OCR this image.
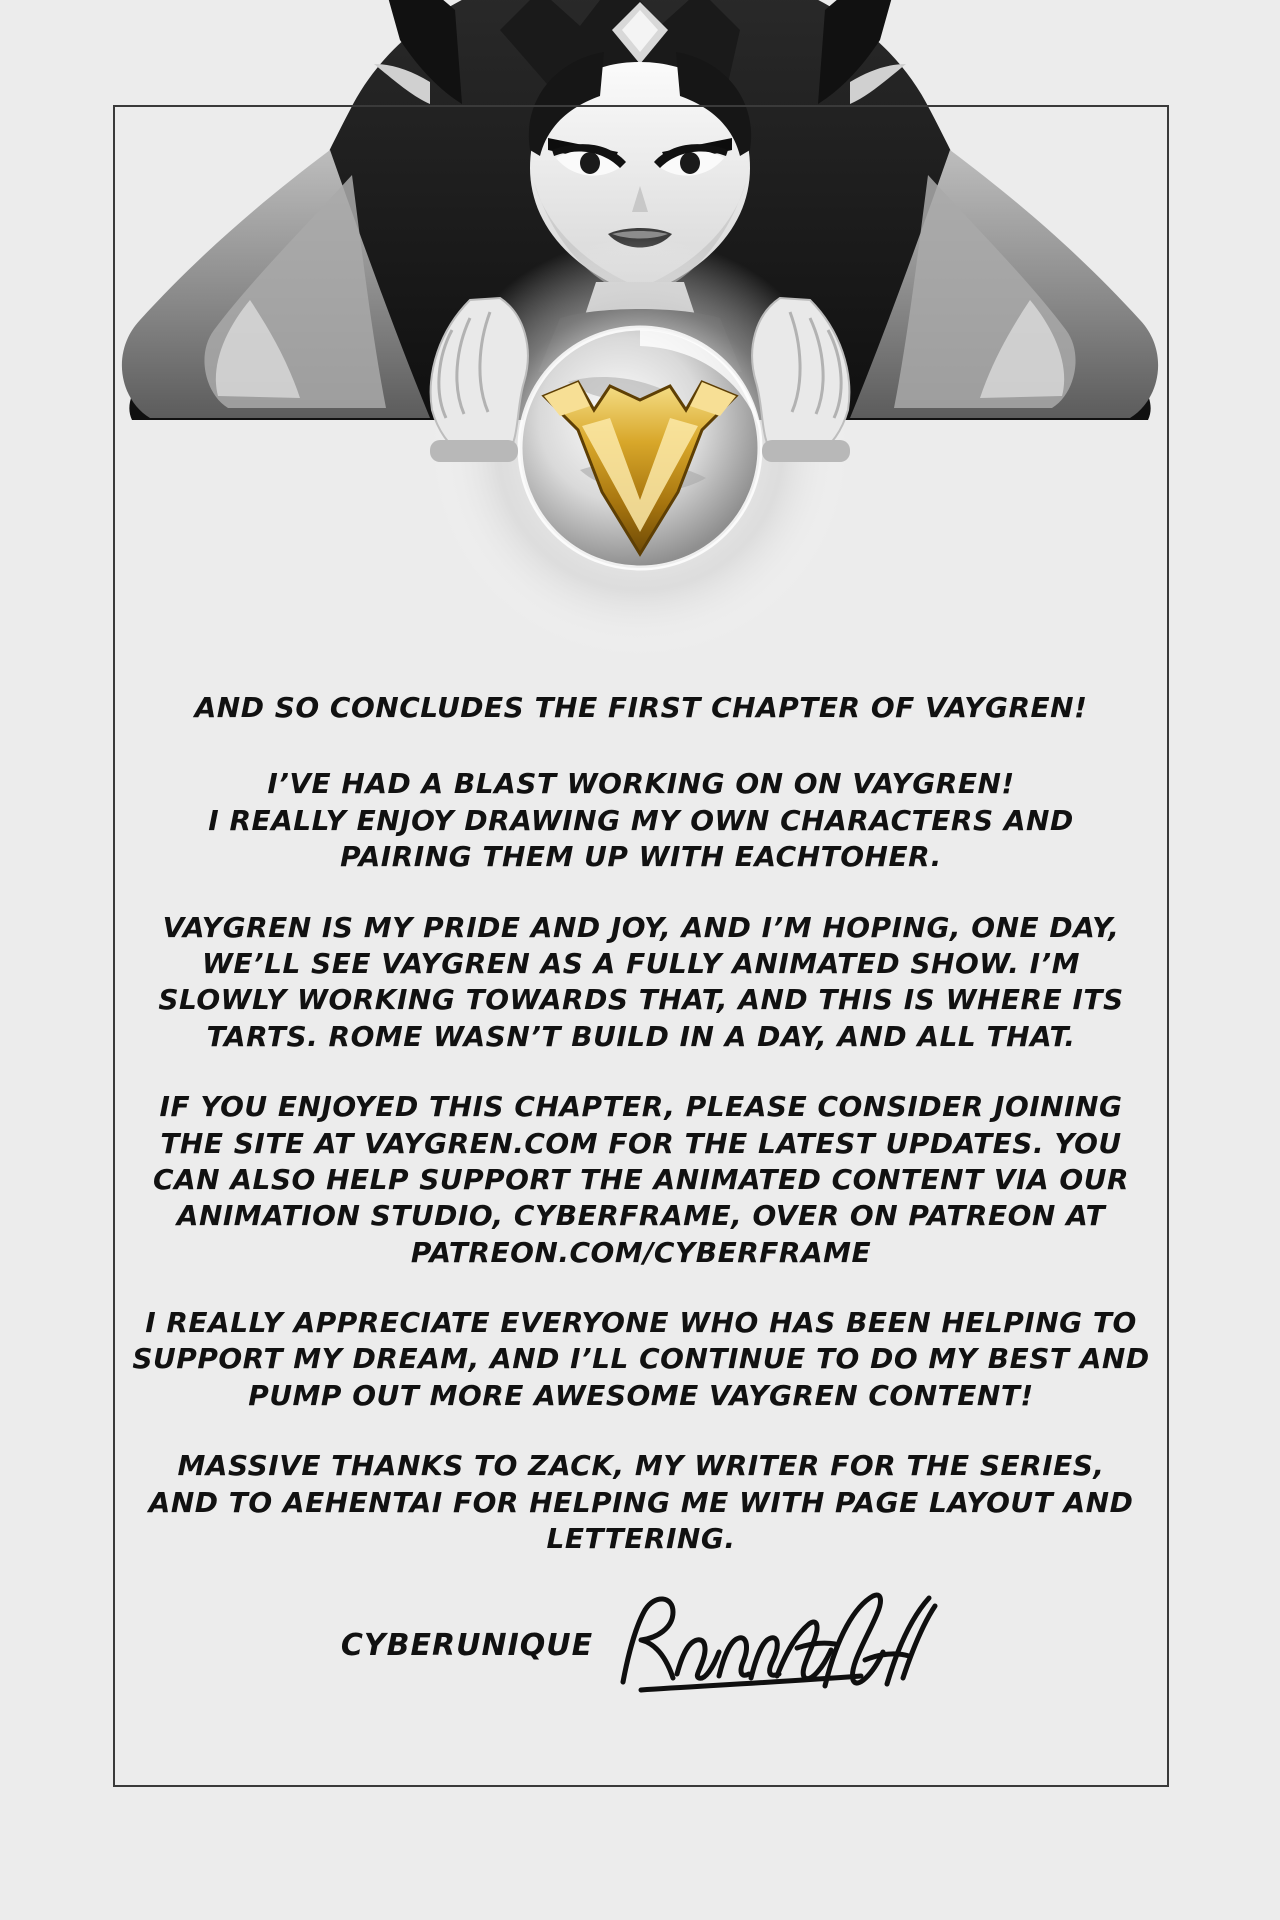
AND SO CONCLUDES THE FIRST CHAPTER OF VAYGREN!

I’VE HAD A BLAST WORKING ON ON VAYGREN!
I REALLY ENJOY DRAWING MY OWN CHARACTERS AND
PAIRING THEM UP WITH EACHTOHER.

VAYGREN IS MY PRIDE AND JOY, AND I’M HOPING, ONE DAY,
WE’LL SEE VAYGREN AS A FULLY ANIMATED SHOW. I’M
SLOWLY WORKING TOWARDS THAT, AND THIS IS WHERE ITS
TARTS. ROME WASN’T BUILD IN A DAY, AND ALL THAT.

IF YOU ENJOYED THIS CHAPTER, PLEASE CONSIDER JOINING
THE SITE AT VAYGREN.COM FOR THE LATEST UPDATES. YOU
CAN ALSO HELP SUPPORT THE ANIMATED CONTENT VIA OUR
ANIMATION STUDIO, CYBERFRAME, OVER ON PATREON AT
PATREON.COM/CYBERFRAME

I REALLY APPRECIATE EVERYONE WHO HAS BEEN HELPING TO
SUPPORT MY DREAM, AND I’LL CONTINUE TO DO MY BEST AND
PUMP OUT MORE AWESOME VAYGREN CONTENT!

MASSIVE THANKS TO ZACK, MY WRITER FOR THE SERIES,
AND TO AEHENTAI FOR HELPING ME WITH PAGE LAYOUT AND
LETTERING.

CYBERUNIQUE
